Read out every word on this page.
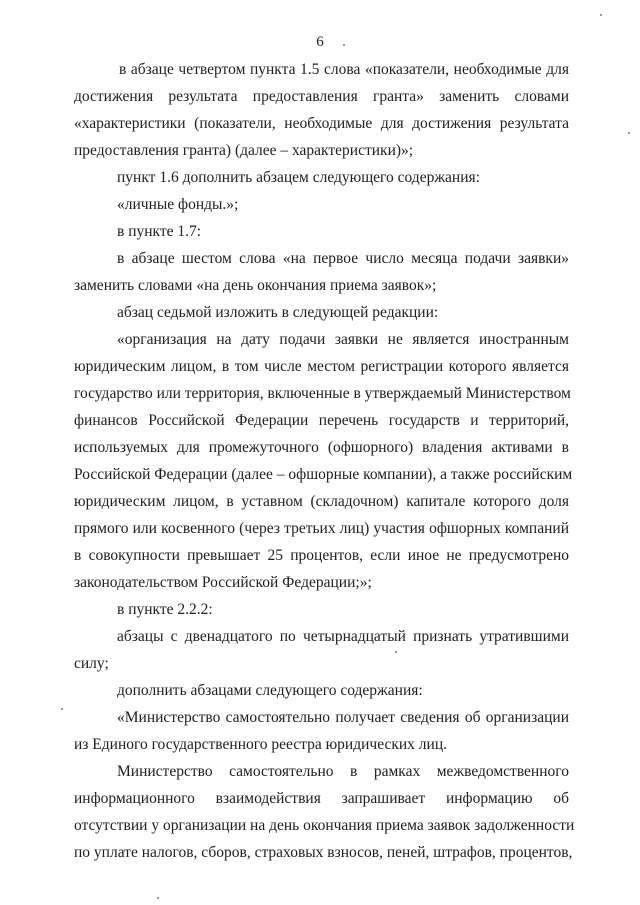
6
в абзаце четвертом пункта 1.5 слова «показатели, необходимые для
достижения результата предоставления гранта» заменить словами
«характеристики (показатели, необходимые для достижения результата
предоставления гранта) (далее – характеристики)»;
пункт 1.6 дополнить абзацем следующего содержания:
«личные фонды.»;
в пункте 1.7:
в абзаце шестом слова «на первое число месяца подачи заявки»
заменить словами «на день окончания приема заявок»;
абзац седьмой изложить в следующей редакции:
«организация на дату подачи заявки не является иностранным
юридическим лицом, в том числе местом регистрации которого является
государство или территория, включенные в утверждаемый Министерством
финансов Российской Федерации перечень государств и территорий,
используемых для промежуточного (офшорного) владения активами в
Российской Федерации (далее – офшорные компании), а также российским
юридическим лицом, в уставном (складочном) капитале которого доля
прямого или косвенного (через третьих лиц) участия офшорных компаний
в совокупности превышает 25 процентов, если иное не предусмотрено
законодательством Российской Федерации;»;
в пункте 2.2.2:
абзацы с двенадцатого по четырнадцатый признать утратившими
силу;
дополнить абзацами следующего содержания:
«Министерство самостоятельно получает сведения об организации
из Единого государственного реестра юридических лиц.
Министерство самостоятельно в рамках межведомственного
информационного взаимодействия запрашивает информацию об
отсутствии у организации на день окончания приема заявок задолженности
по уплате налогов, сборов, страховых взносов, пеней, штрафов, процентов,
